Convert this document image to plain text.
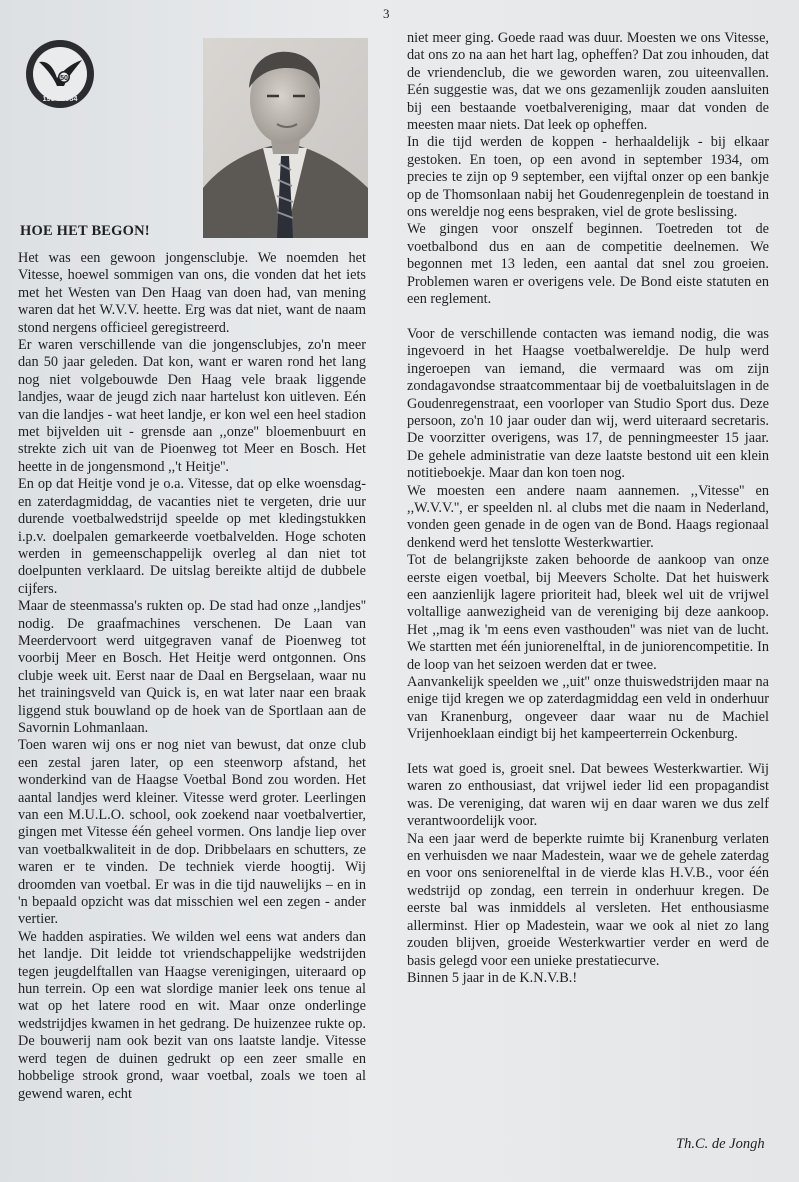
3
50
1934 1984
HOE HET BEGON!

Het was een gewoon jongensclubje. We noemden het Vitesse, hoewel sommigen van ons, die vonden dat het iets met het Westen van Den Haag van doen had, van mening waren dat het W.V.V. heette. Erg was dat niet, want de naam stond nergens officieel geregistreerd.

Er waren verschillende van die jongensclubjes, zo'n meer dan 50 jaar geleden. Dat kon, want er waren rond het lang nog niet volgebouwde Den Haag vele braak liggende landjes, waar de jeugd zich naar hartelust kon uitleven. Eén van die landjes - wat heet landje, er kon wel een heel stadion met bijvelden uit - grensde aan ,,onze'' bloemenbuurt en strekte zich uit van de Pioenweg tot Meer en Bosch. Het heette in de jongensmond ,,'t Heitje''.

En op dat Heitje vond je o.a. Vitesse, dat op elke woensdag- en zaterdagmiddag, de vacanties niet te vergeten, drie uur durende voetbalwedstrijd speelde op met kledingstukken i.p.v. doelpalen gemarkeerde voetbalvelden. Hoge schoten werden in gemeenschappelijk overleg al dan niet tot doelpunten verklaard. De uitslag bereikte altijd de dubbele cijfers.

Maar de steenmassa's rukten op. De stad had onze ,,landjes'' nodig. De graafmachines verschenen. De Laan van Meerdervoort werd uitgegraven vanaf de Pioenweg tot voorbij Meer en Bosch. Het Heitje werd ontgonnen. Ons clubje week uit. Eerst naar de Daal en Bergselaan, waar nu het trainingsveld van Quick is, en wat later naar een braak liggend stuk bouwland op de hoek van de Sportlaan aan de Savornin Lohmanlaan.

Toen waren wij ons er nog niet van bewust, dat onze club een zestal jaren later, op een steenworp afstand, het wonderkind van de Haagse Voetbal Bond zou worden. Het aantal landjes werd kleiner. Vitesse werd groter. Leerlingen van een M.U.L.O. school, ook zoekend naar voetbalvertier, gingen met Vitesse één geheel vormen. Ons landje liep over van voetbalkwaliteit in de dop. Dribbelaars en schutters, ze waren er te vinden. De techniek vierde hoogtij. Wij droomden van voetbal. Er was in die tijd nauwelijks – en in 'n bepaald opzicht was dat misschien wel een zegen - ander vertier.

We hadden aspiraties. We wilden wel eens wat anders dan het landje. Dit leidde tot vriendschappelijke wedstrijden tegen jeugdelftallen van Haagse verenigingen, uiteraard op hun terrein. Op een wat slordige manier leek ons tenue al wat op het latere rood en wit. Maar onze onderlinge wedstrijdjes kwamen in het gedrang. De huizenzee rukte op. De bouwerij nam ook bezit van ons laatste landje. Vitesse werd tegen de duinen gedrukt op een zeer smalle en hobbelige strook grond, waar voetbal, zoals we toen al gewend waren, echt

niet meer ging. Goede raad was duur. Moesten we ons Vitesse, dat ons zo na aan het hart lag, opheffen? Dat zou inhouden, dat de vriendenclub, die we geworden waren, zou uiteenvallen. Eén suggestie was, dat we ons gezamenlijk zouden aansluiten bij een bestaande voetbalvereniging, maar dat vonden de meesten maar niets. Dat leek op opheffen.

In die tijd werden de koppen - herhaaldelijk - bij elkaar gestoken. En toen, op een avond in september 1934, om precies te zijn op 9 september, een vijftal onzer op een bankje op de Thomsonlaan nabij het Goudenregenplein de toestand in ons wereldje nog eens bespraken, viel de grote beslissing.

We gingen voor onszelf beginnen. Toetreden tot de voetbalbond dus en aan de competitie deelnemen. We begonnen met 13 leden, een aantal dat snel zou groeien. Problemen waren er overigens vele. De Bond eiste statuten en een reglement.

Voor de verschillende contacten was iemand nodig, die was ingevoerd in het Haagse voetbalwereldje. De hulp werd ingeroepen van iemand, die vermaard was om zijn zondagavondse straatcommentaar bij de voetbaluitslagen in de Goudenregenstraat, een voorloper van Studio Sport dus. Deze persoon, zo'n 10 jaar ouder dan wij, werd uiteraard secretaris. De voorzitter overigens, was 17, de penningmeester 15 jaar. De gehele administratie van deze laatste bestond uit een klein notitieboekje. Maar dan kon toen nog.

We moesten een andere naam aannemen. ,,Vitesse'' en ,,W.V.V.'', er speelden nl. al clubs met die naam in Nederland, vonden geen genade in de ogen van de Bond. Haags regionaal denkend werd het tenslotte Westerkwartier.

Tot de belangrijkste zaken behoorde de aankoop van onze eerste eigen voetbal, bij Meevers Scholte. Dat het huiswerk een aanzienlijk lagere prioriteit had, bleek wel uit de vrijwel voltallige aanwezigheid van de vereniging bij deze aankoop. Het ,,mag ik 'm eens even vasthouden'' was niet van de lucht. We startten met één juniorenelftal, in de juniorencompetitie. In de loop van het seizoen werden dat er twee.

Aanvankelijk speelden we ,,uit'' onze thuiswedstrijden maar na enige tijd kregen we op zaterdagmiddag een veld in onderhuur van Kranenburg, ongeveer daar waar nu de Machiel Vrijenhoeklaan eindigt bij het kampeerterrein Ockenburg.

Iets wat goed is, groeit snel. Dat bewees Westerkwartier. Wij waren zo enthousiast, dat vrijwel ieder lid een propagandist was. De vereniging, dat waren wij en daar waren we dus zelf verantwoordelijk voor.

Na een jaar werd de beperkte ruimte bij Kranenburg verlaten en verhuisden we naar Madestein, waar we de gehele zaterdag en voor ons seniorenelftal in de vierde klas H.V.B., voor één wedstrijd op zondag, een terrein in onderhuur kregen. De eerste bal was inmiddels al versleten. Het enthousiasme allerminst. Hier op Madestein, waar we ook al niet zo lang zouden blijven, groeide Westerkwartier verder en werd de basis gelegd voor een unieke prestatiecurve.

Binnen 5 jaar in de K.N.V.B.!

Th.C. de Jongh
